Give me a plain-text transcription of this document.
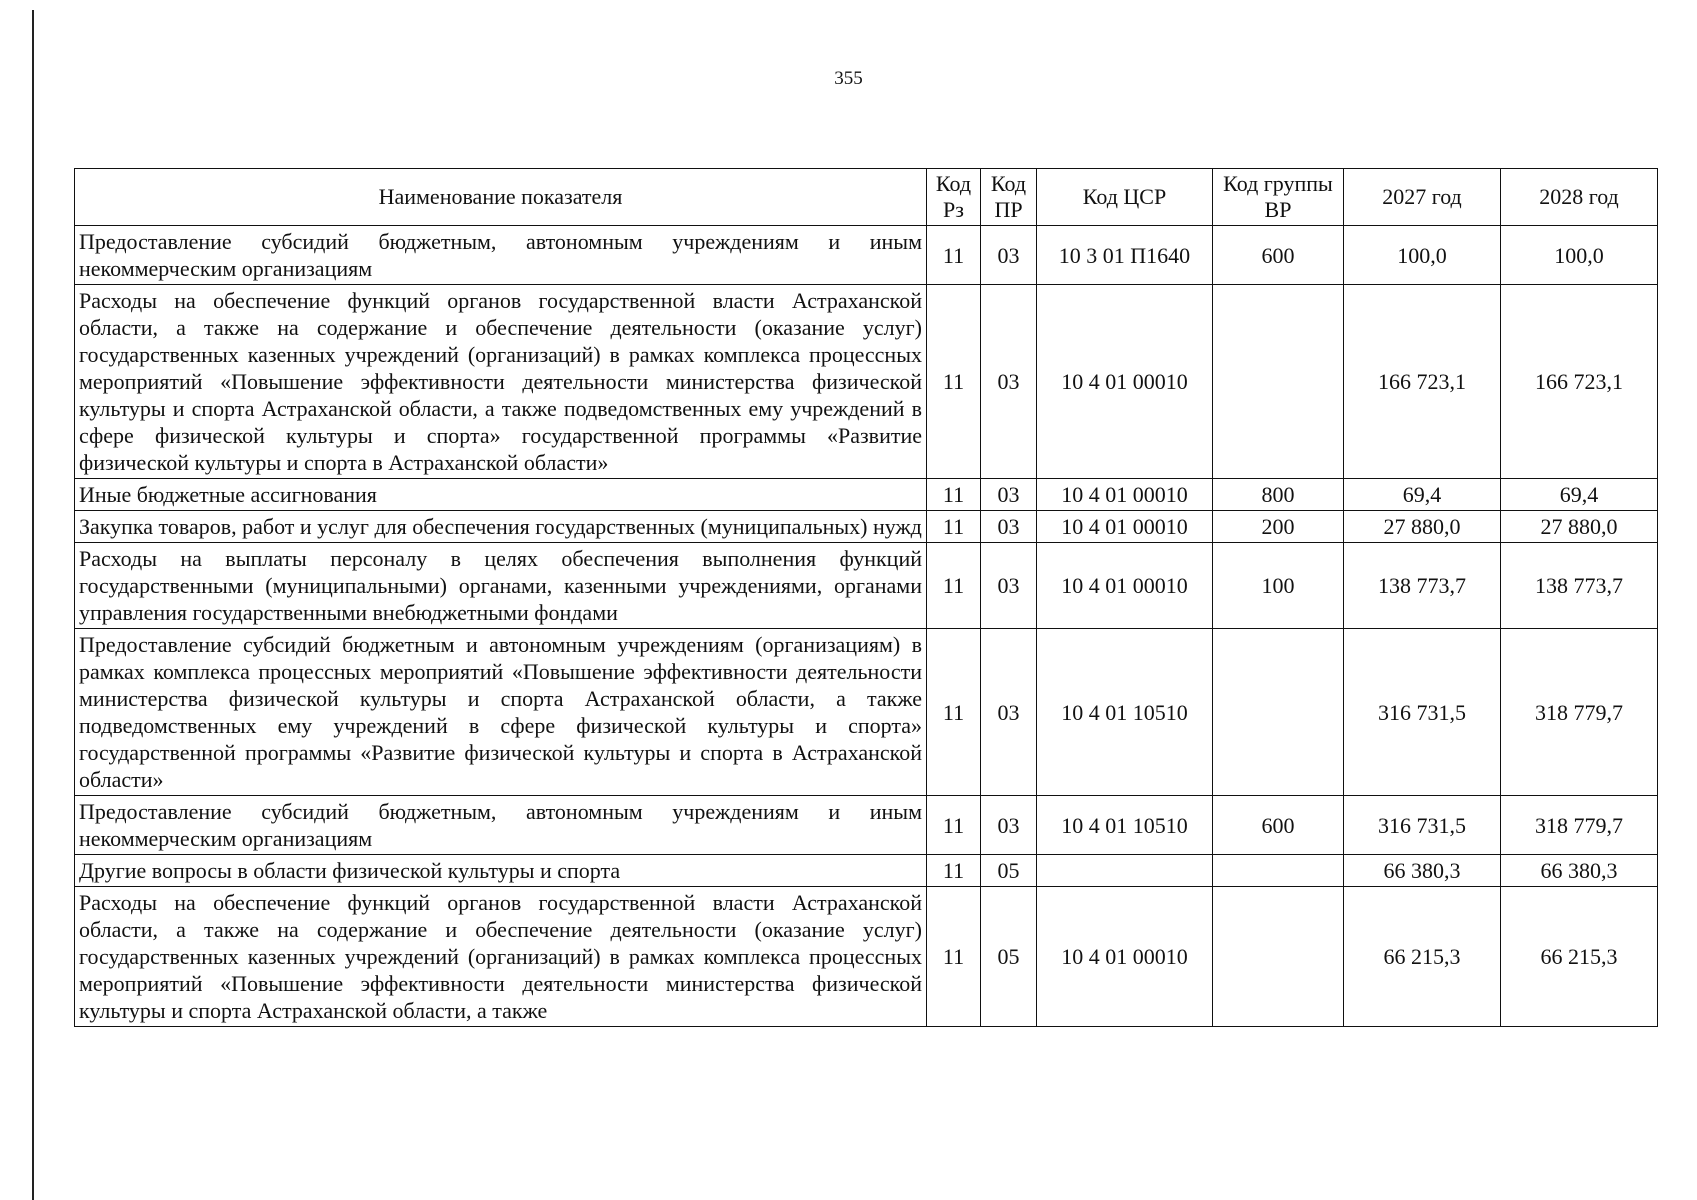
355
Наименование показателя	Код Рз	Код ПР	Код ЦСР	Код группы ВР	2027 год	2028 год
Предоставление субсидий бюджетным, автономным учреждениям и иным некоммерческим организациям	11	03	10 3 01 П1640	600	100,0	100,0
Расходы на обеспечение функций органов государственной власти Астраханской области, а также на содержание и обеспечение деятельности (оказание услуг) государственных казенных учреждений (организаций) в рамках комплекса процессных мероприятий «Повышение эффективности деятельности министерства физической культуры и спорта Астраханской области, а также подведомственных ему учреждений в сфере физической культуры и спорта» государственной программы «Развитие физической культуры и спорта в Астраханской области»	11	03	10 4 01 00010		166 723,1	166 723,1
Иные бюджетные ассигнования	11	03	10 4 01 00010	800	69,4	69,4
Закупка товаров, работ и услуг для обеспечения государственных (муниципальных) нужд	11	03	10 4 01 00010	200	27 880,0	27 880,0
Расходы на выплаты персоналу в целях обеспечения выполнения функций государственными (муниципальными) органами, казенными учреждениями, органами управления государственными внебюджетными фондами	11	03	10 4 01 00010	100	138 773,7	138 773,7
Предоставление субсидий бюджетным и автономным учреждениям (организациям) в рамках комплекса процессных мероприятий «Повышение эффективности деятельности министерства физической культуры и спорта Астраханской области, а также подведомственных ему учреждений в сфере физической культуры и спорта» государственной программы «Развитие физической культуры и спорта в Астраханской области»	11	03	10 4 01 10510		316 731,5	318 779,7
Предоставление субсидий бюджетным, автономным учреждениям и иным некоммерческим организациям	11	03	10 4 01 10510	600	316 731,5	318 779,7
Другие вопросы в области физической культуры и спорта	11	05			66 380,3	66 380,3
Расходы на обеспечение функций органов государственной власти Астраханской области, а также на содержание и обеспечение деятельности (оказание услуг) государственных казенных учреждений (организаций) в рамках комплекса процессных мероприятий «Повышение эффективности деятельности министерства физической культуры и спорта Астраханской области, а также	11	05	10 4 01 00010		66 215,3	66 215,3
